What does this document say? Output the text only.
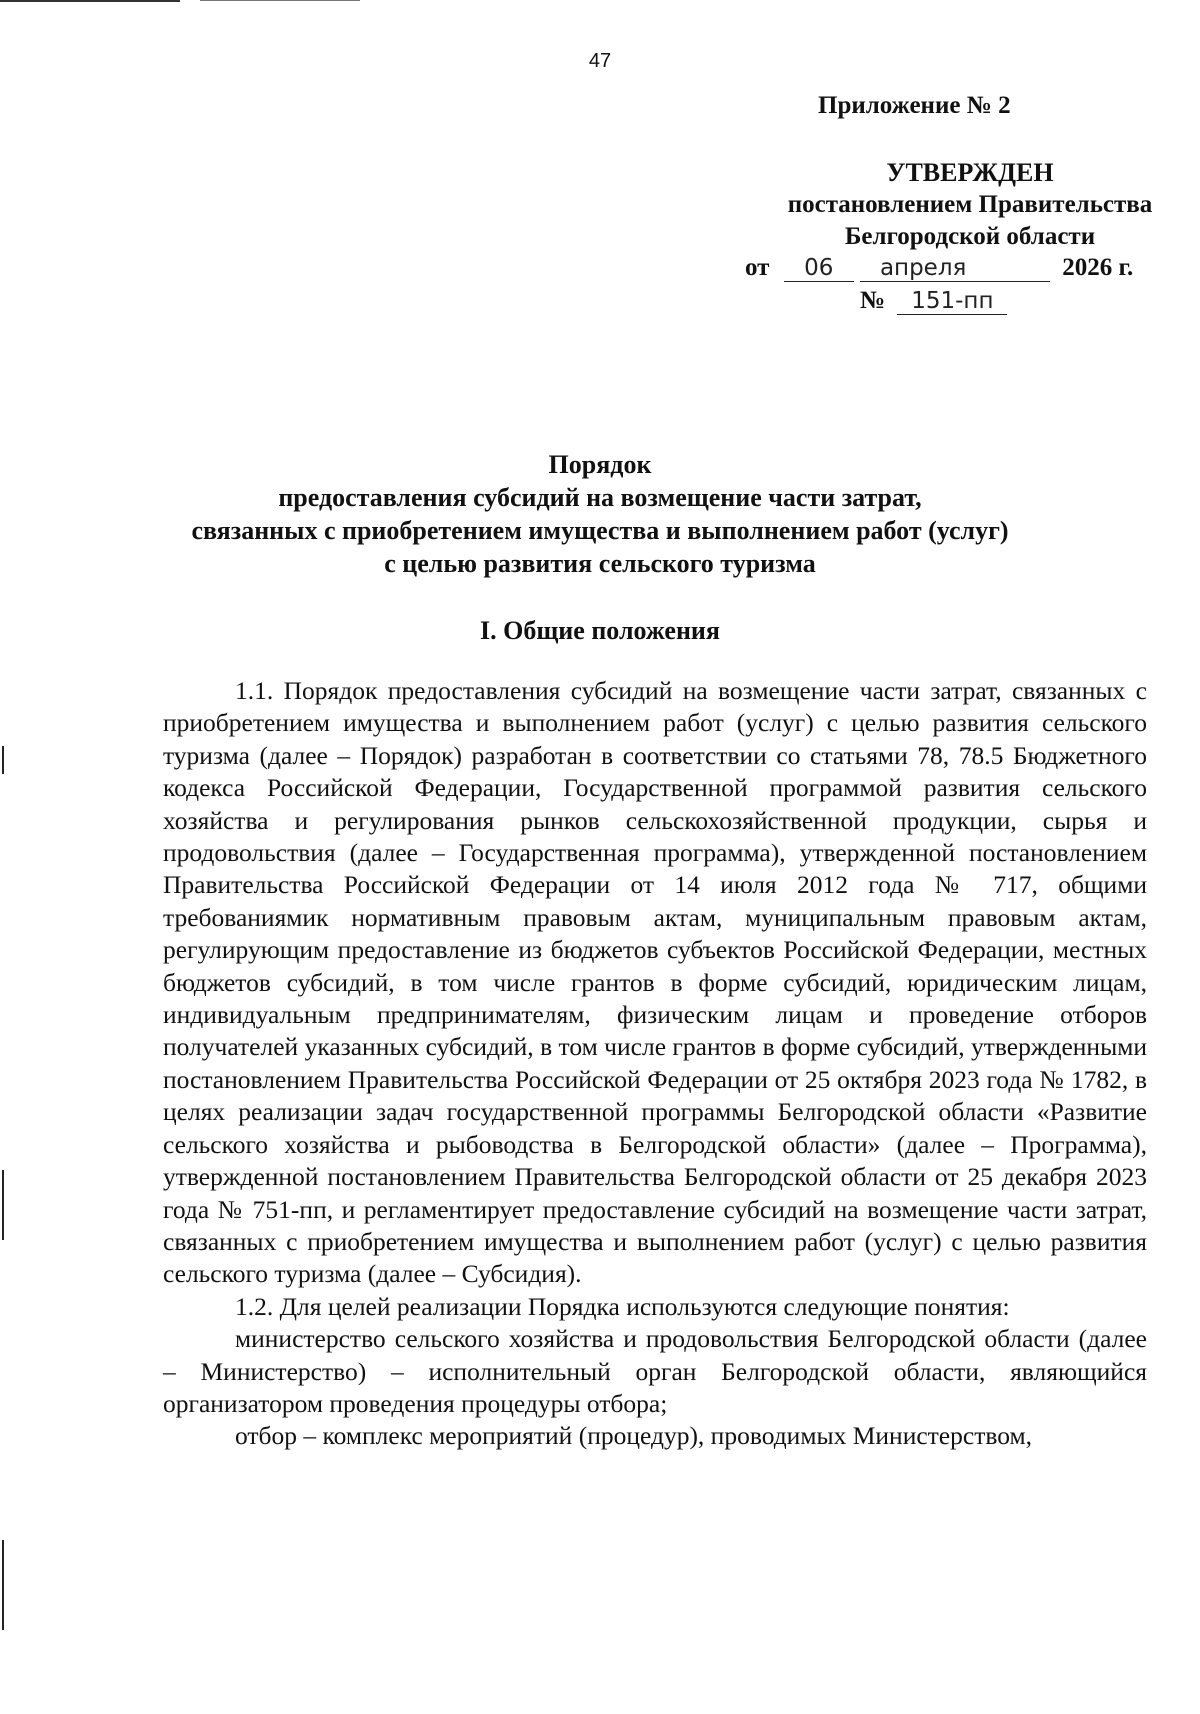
47
Приложение № 2
УТВЕРЖДЕН
постановлением Правительства
Белгородской области
от 06 апреля	2026 г.
№ 151-пп
Порядок
предоставления субсидий на возмещение части затрат,
связанных с приобретением имущества и выполнением работ (услуг)
с целью развития сельского туризма
I. Общие положения

1.1. Порядок предоставления субсидий на возмещение части затрат, связанных с приобретением имущества и выполнением работ (услуг) с целью развития сельского туризма (далее – Порядок) разработан в соответствии со статьями 78, 78.5 Бюджетного кодекса Российской Федерации, Государственной программой развития сельского хозяйства и регулирования рынков сельскохозяйственной продукции, сырья и продовольствия (далее – Государственная программа), утвержденной постановлением Правительства Российской Федерации от 14 июля 2012 года № 717, общими требованиямик нормативным правовым актам, муниципальным правовым актам, регулирующим предоставление из бюджетов субъектов Российской Федерации, местных бюджетов субсидий, в том числе грантов в форме субсидий, юридическим лицам, индивидуальным предпринимателям, физическим лицам и проведение отборов получателей указанных субсидий, в том числе грантов в форме субсидий, утвержденными постановлением Правительства Российской Федерации от 25 октября 2023 года № 1782, в целях реализации задач государственной программы Белгородской области «Развитие сельского хозяйства и рыбоводства в Белгородской области» (далее – Программа), утвержденной постановлением Правительства Белгородской области от 25 декабря 2023 года № 751-пп, и регламентирует предоставление субсидий на возмещение части затрат, связанных с приобретением имущества и выполнением работ (услуг) с целью развития сельского туризма (далее – Субсидия).

1.2. Для целей реализации Порядка используются следующие понятия:

министерство сельского хозяйства и продовольствия Белгородской области (далее – Министерство) – исполнительный орган Белгородской области, являющийся организатором проведения процедуры отбора;

отбор – комплекс мероприятий (процедур), проводимых Министерством,
